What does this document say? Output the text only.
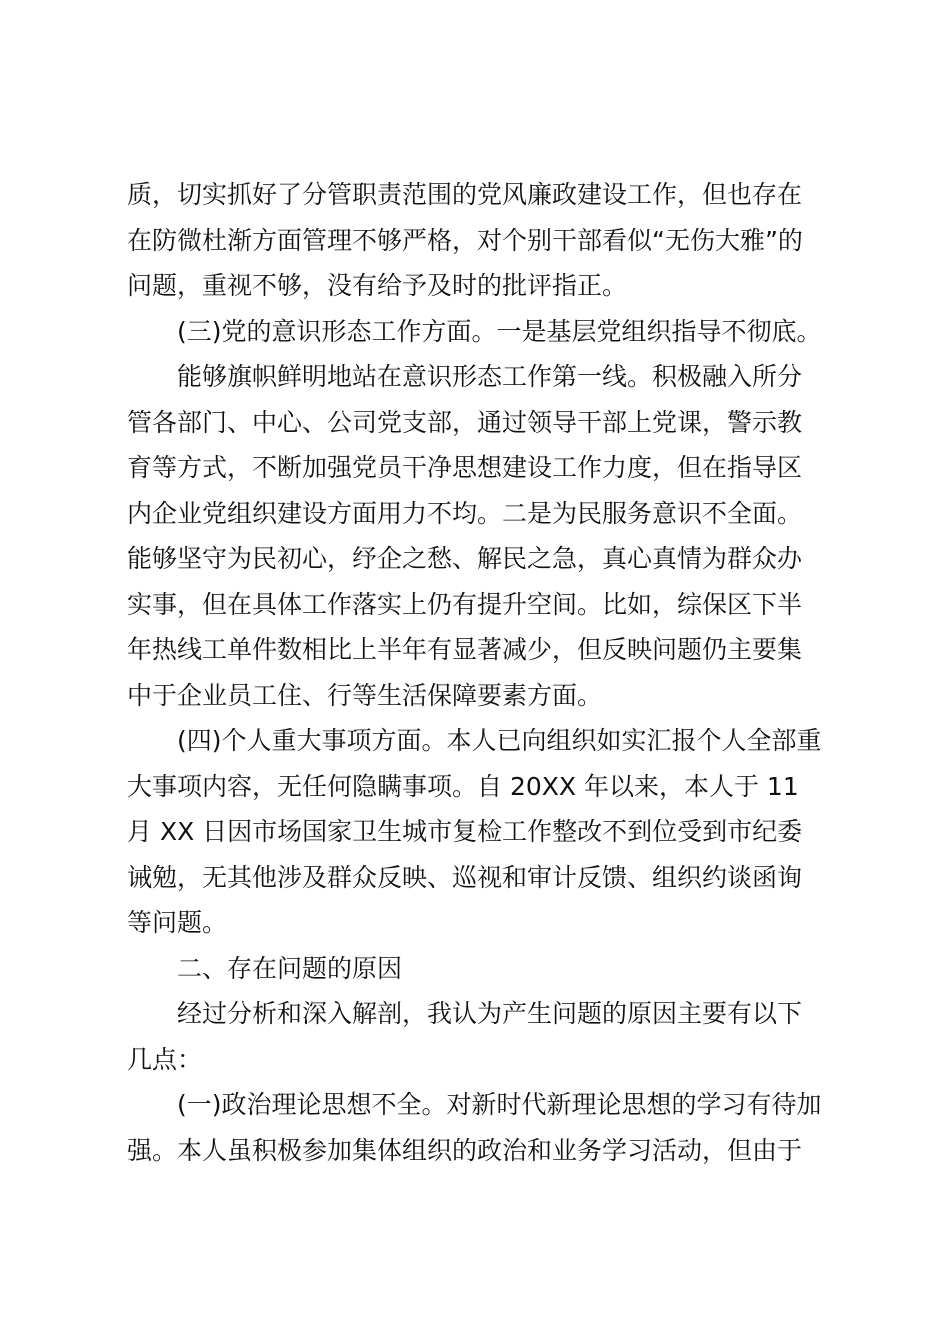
质，切实抓好了分管职责范围的党风廉政建设工作，但也存在

在防微杜渐方面管理不够严格，对个别干部看似“无伤大雅”的

问题，重视不够，没有给予及时的批评指正。

　　(三)党的意识形态工作方面。一是基层党组织指导不彻底。

　　能够旗帜鲜明地站在意识形态工作第一线。积极融入所分

管各部门、中心、公司党支部，通过领导干部上党课，警示教

育等方式，不断加强党员干净思想建设工作力度，但在指导区

内企业党组织建设方面用力不均。二是为民服务意识不全面。

能够坚守为民初心，纾企之愁、解民之急，真心真情为群众办

实事，但在具体工作落实上仍有提升空间。比如，综保区下半

年热线工单件数相比上半年有显著减少，但反映问题仍主要集

中于企业员工住、行等生活保障要素方面。

　　(四)个人重大事项方面。本人已向组织如实汇报个人全部重

大事项内容，无任何隐瞒事项。自 20XX 年以来，本人于 11

月 XX 日因市场国家卫生城市复检工作整改不到位受到市纪委

诫勉，无其他涉及群众反映、巡视和审计反馈、组织约谈函询

等问题。

　　二、存在问题的原因

　　经过分析和深入解剖，我认为产生问题的原因主要有以下

几点：

　　(一)政治理论思想不全。对新时代新理论思想的学习有待加

强。本人虽积极参加集体组织的政治和业务学习活动，但由于
